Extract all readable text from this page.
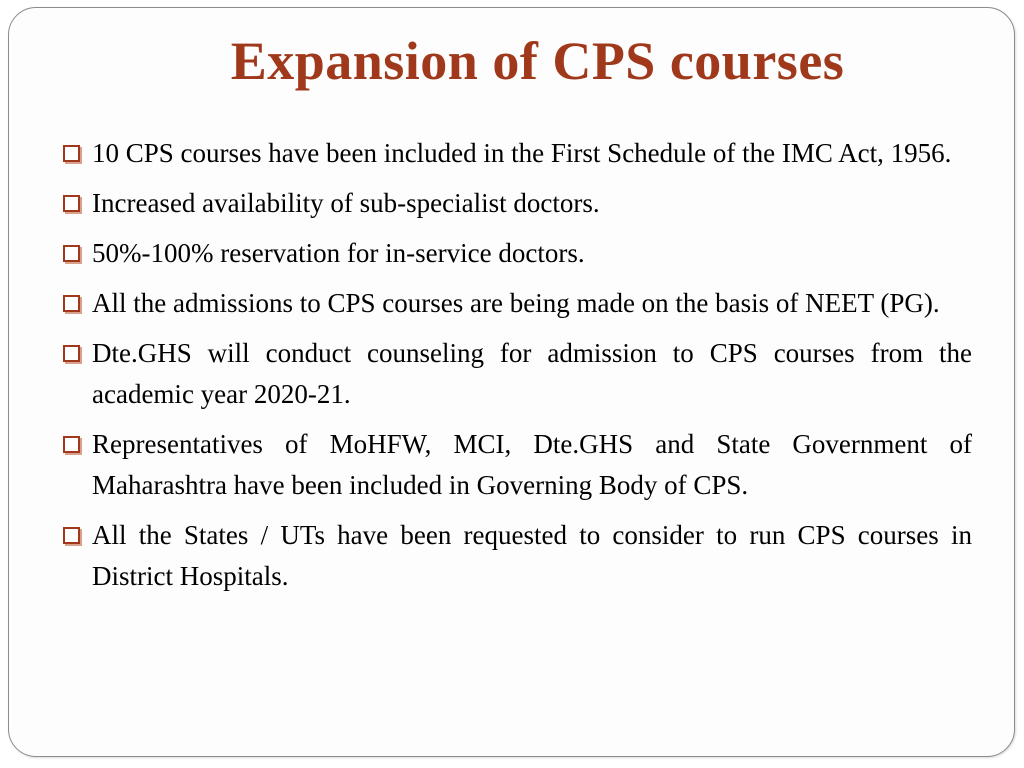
Expansion of CPS courses
10 CPS courses have been included in the First Schedule of the IMC Act, 1956.
Increased availability of sub-specialist doctors.
50%-100% reservation for in-service doctors.
All the admissions to CPS courses are being made on the basis of NEET (PG).
Dte.GHS will conduct counseling for admission to CPS courses from the academic year 2020-21.
Representatives of MoHFW, MCI, Dte.GHS and State Government of Maharashtra have been included in Governing Body of CPS.
All the States / UTs have been requested to consider to run CPS courses in District Hospitals.
